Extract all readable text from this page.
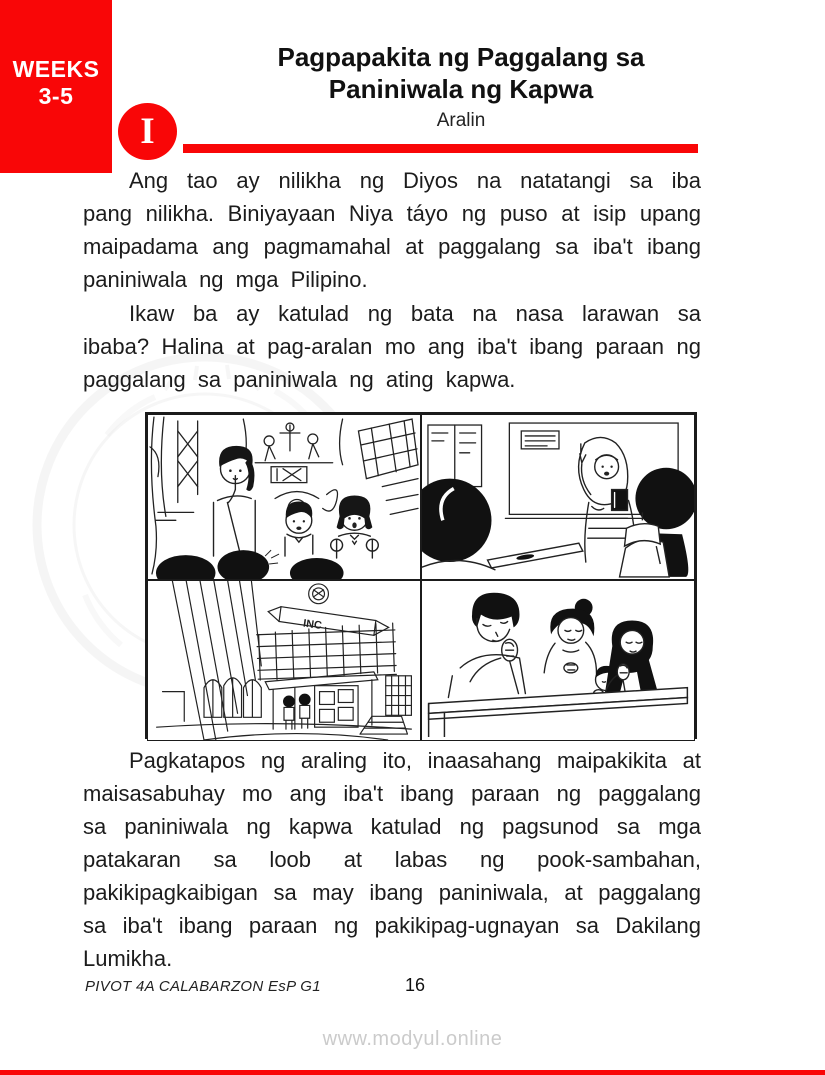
WEEKS
3-5
Pagpapakita ng Paggalang sa
Paniniwala ng Kapwa
Aralin
I

Ang tao ay nilikha ng Diyos na natatangi sa iba pang nilikha. Biniyayaan Niya táyo ng puso at isip upang maipadama ang pagmamahal at paggalang sa iba't ibang paniniwala ng mga Pilipino.

Ikaw ba ay katulad ng bata na nasa larawan sa ibaba? Halina at pag-aralan mo ang iba't ibang paraan ng paggalang sa paniniwala ng ating kapwa.

INC

Pagkatapos ng araling ito, inaasahang maipakikita at maisasabuhay mo ang iba't ibang paraan ng paggalang sa paniniwala ng kapwa katulad ng pagsunod sa mga patakaran sa loob at labas ng pook-sambahan, pakikipagkaibigan sa may ibang paniniwala, at paggalang sa iba't ibang paraan ng pakikipag-ugnayan sa Dakilang Lumikha.

PIVOT 4A CALABARZON EsP G1	16
www.modyul.online
